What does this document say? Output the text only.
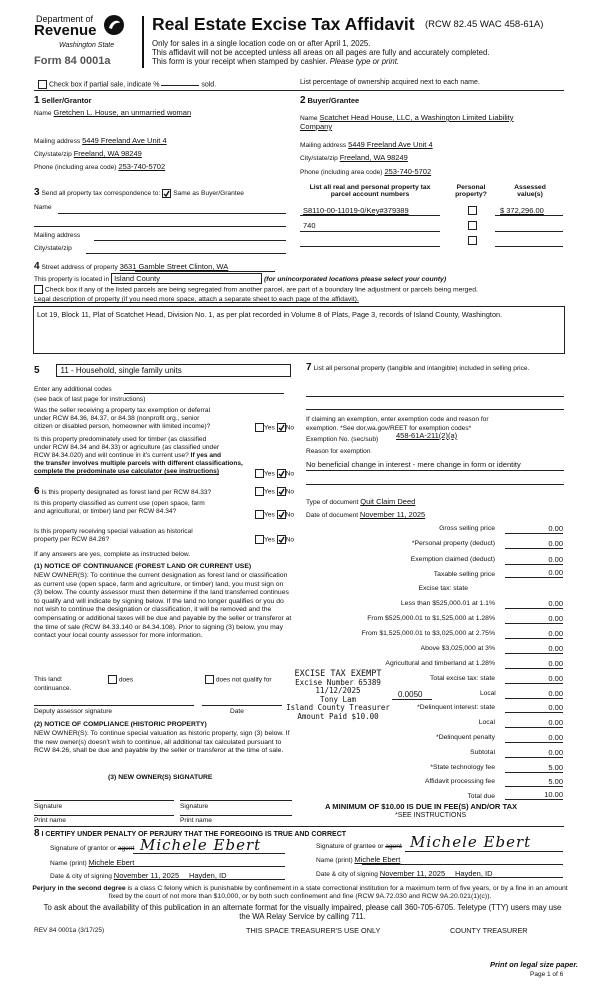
Department of
Revenue
Washington State
Form 84 0001a
Real Estate Excise Tax Affidavit (RCW 82.45 WAC 458-61A)
Only for sales in a single location code on or after April 1, 2025.
This affidavit will not be accepted unless all areas on all pages are fully and accurately completed.
This form is your receipt when stamped by cashier. Please type or print.
Check box if partial sale, indicate %	sold.	List percentage of ownership acquired next to each name.
1 Seller/Grantor
Name Gretchen L. House, an unmarried woman
Mailing address 5449 Freeland Ave Unit 4
City/state/zip Freeland, WA 98249
Phone (including area code) 253-740-5702
2 Buyer/Grantee
Name Scatchet Head House, LLC, a Washington Limited Liability
Company
Mailing address 5449 Freeland Ave Unit 4
City/state/zip Freeland, WA 98249
Phone (including area code) 253-740-5702
3 Send all property tax correspondence to: Same as Buyer/Grantee
Name
Mailing address
City/state/zip
List all real and personal property tax
parcel account numbers
Personal
property?
Assessed
value(s)
S8110-00-11019-0/Key#379389	$ 372,296.00
740
4 Street address of property 3631 Gamble Street Clinton, WA
This property is located in Island County	(for unincorporated locations please select your county)
Check box if any of the listed parcels are being segregated from another parcel, are part of a boundary line adjustment or parcels being merged.
Legal description of property (if you need more space, attach a separate sheet to each page of the affidavit).
Lot 19, Block 11, Plat of Scatchet Head, Division No. 1, as per plat recorded in Volume 8 of Plats, Page 3, records of Island County, Washington.
5	11 - Household, single family units
Enter any additional codes
(see back of last page for instructions)
Was the seller receiving a property tax exemption or deferral
under RCW 84.36, 84.37, or 84.38 (nonprofit org., senior
citizen or disabled person, homeowner with limited income)?	Yes No
Is this property predominately used for timber (as classified
under RCW 84.34 and 84.33) or agriculture (as classified under
RCW 84.34.020) and will continue in it's current use? If yes and
the transfer involves multiple parcels with different classifications,
complete the predominate use calculator (see instructions)	Yes No
6 Is this property designated as forest land per RCW 84.33?	Yes No
Is this property classified as current use (open space, farm
and agricultural, or timber) land per RCW 84.34?	Yes No
Is this property receiving special valuation as historical
property per RCW 84.26?	Yes No
If any answers are yes, complete as instructed below.
(1) NOTICE OF CONTINUANCE (FOREST LAND OR CURRENT USE)
NEW OWNER(S): To continue the current designation as forest land or classification as current use (open space, farm and agriculture, or timber) land, you must sign on (3) below. The county assessor must then determine if the land transferred continues to qualify and will indicate by signing below. If the land no longer qualifies or you do not wish to continue the designation or classification, it will be removed and the compensating or additional taxes will be due and payable by the seller or transferor at the time of sale (RCW 84.33.140 or 84.34.108). Prior to signing (3) below, you may contact your local county assessor for more information.
This land:
continuance.
does	does not qualify for
Deputy assessor signature	Date
(2) NOTICE OF COMPLIANCE (HISTORIC PROPERTY)
NEW OWNER(S): To continue special valuation as historic property, sign (3) below. If the new owner(s) doesn't wish to continue, all additional tax calculated pursuant to RCW 84.26, shall be due and payable by the seller or transferor at the time of sale.
(3) NEW OWNER(S) SIGNATURE
Signature	Signature
Print name	Print name
7 List all personal property (tangible and intangible) included in selling price.
If claiming an exemption, enter exemption code and reason for
exemption. *See dor.wa.gov/REET for exemption codes*
Exemption No. (sec/sub) 458-61A-211(2)(a)
Reason for exemption
No beneficial change in interest - mere change in form or identity
Type of document Quit Claim Deed
Date of document November 11, 2025
Gross selling price	0.00
*Personal property (deduct)	0.00
Exemption claimed (deduct)	0.00
Taxable selling price	0.00
Excise tax: state
Less than $525,000.01 at 1.1%	0.00
From $525,000.01 to $1,525,000 at 1.28%	0.00
From $1,525,000.01 to $3,025,000 at 2.75%	0.00
Above $3,025,000 at 3%	0.00
Agricultural and timberland at 1.28%	0.00
Total excise tax: state	0.00
0.0050	Local	0.00
*Delinquent interest: state	0.00
Local	0.00
*Delinquent penalty	0.00
Subtotal	0.00
*State technology fee	5.00
Affidavit processing fee	5.00
Total due	10.00
A MINIMUM OF $10.00 IS DUE IN FEE(S) AND/OR TAX
*SEE INSTRUCTIONS
EXCISE TAX EXEMPT
Excise Number 65389
11/12/2025
Tony Lam
Island County Treasurer
Amount Paid $10.00
8 I CERTIFY UNDER PENALTY OF PERJURY THAT THE FOREGOING IS TRUE AND CORRECT
Signature of grantor or agent Michele Ebert
Name (print) Michele Ebert
Date & city of signing November 11, 2025 Hayden, ID
Signature of grantee or agent Michele Ebert
Name (print) Michele Ebert
Date & city of signing November 11, 2025 Hayden, ID
Perjury in the second degree is a class C felony which is punishable by confinement in a state correctional institution for a maximum term of five years, or by a fine in an amount fixed by the court of not more than $10,000, or by both such confinement and fine (RCW 9A.72.030 and RCW 9A.20.021(1)(c)).
To ask about the availability of this publication in an alternate format for the visually impaired, please call 360-705-6705. Teletype (TTY) users may use the WA Relay Service by calling 711.
REV 84 0001a (3/17/25)	THIS SPACE TREASURER'S USE ONLY	COUNTY TREASURER
Print on legal size paper.
Page 1 of 6
